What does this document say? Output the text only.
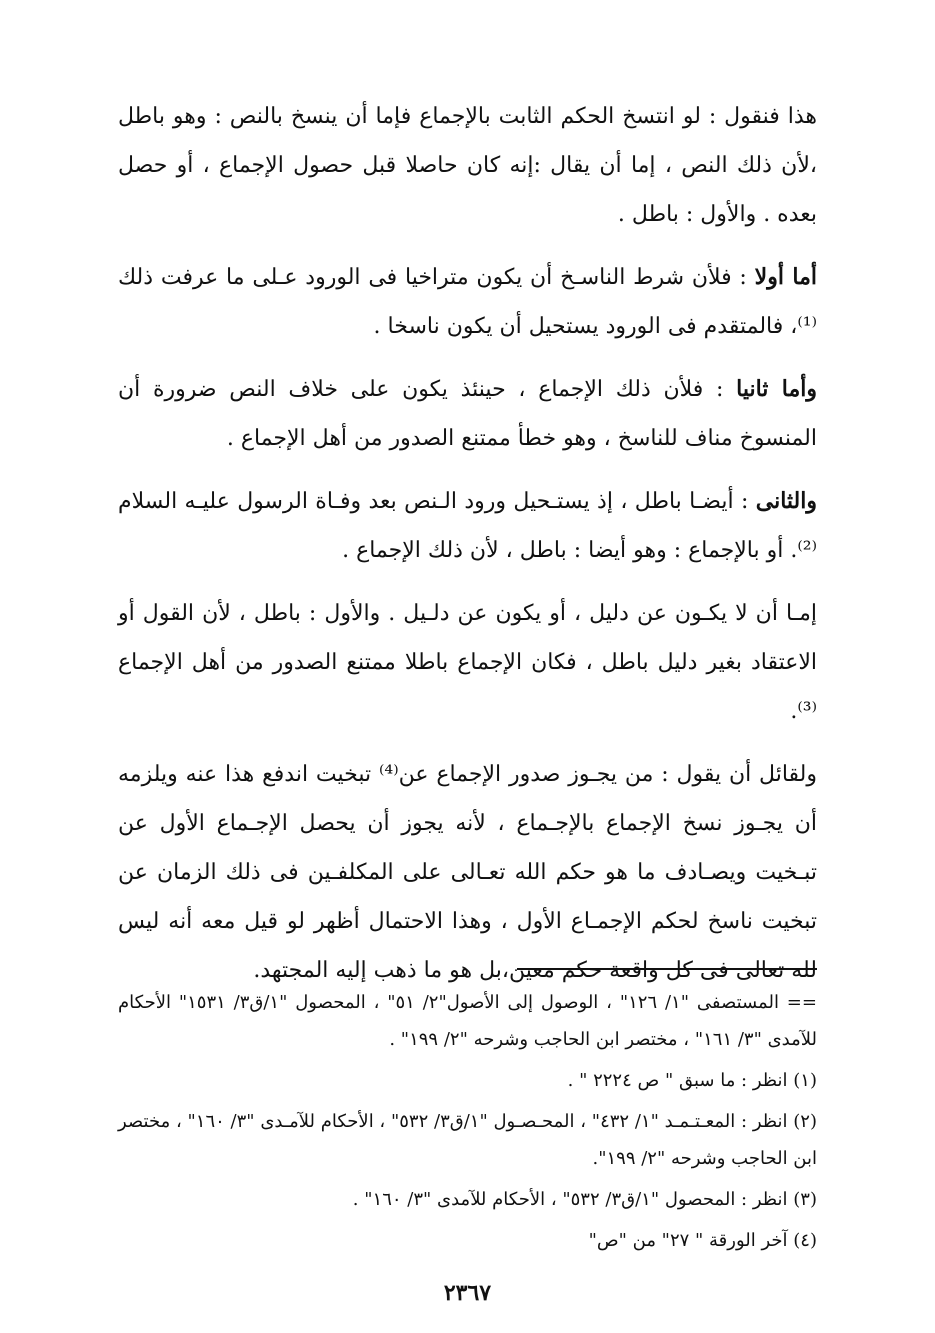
هذا فنقول : لو انتسخ الحكم الثابت بالإجماع فإما أن ينسخ بالنص : وهو باطل ،لأن ذلك النص ، إما أن يقال :إنه كان حاصلا قبل حصول الإجماع ، أو حصل بعده . والأول : باطل .

أما أولا : فلأن شرط الناسـخ أن يكون متراخيا فى الورود عـلى ما عرفت ذلك ⁽¹⁾، فالمتقدم فى الورود يستحيل أن يكون ناسخا .

وأما ثانيا : فلأن ذلك الإجماع ، حينئذ يكون على خلاف النص ضرورة أن المنسوخ مناف للناسخ ، وهو خطأ ممتنع الصدور من أهل الإجماع .

والثانى : أيضـا باطل ، إذ يستـحيل ورود الـنص بعد وفـاة الرسول عليـه السلام ⁽²⁾. أو بالإجماع : وهو أيضا : باطل ، لأن ذلك الإجماع .

إمـا أن لا يكـون عن دليل ، أو يكون عن دلـيل . والأول : باطل ، لأن القول أو الاعتقاد بغير دليل باطل ، فكان الإجماع باطلا ممتنع الصدور من أهل الإجماع ⁽³⁾.

ولقائل أن يقول : من يجـوز صدور الإجماع عن⁽⁴⁾ تبخيت اندفع هذا عنه ويلزمه أن يجـوز نسخ الإجماع بالإجـماع ، لأنه يجوز أن يحصل الإجـماع الأول عن تبـخيت ويصـادف ما هو حكم الله تعـالى على المكلفـين فى ذلك الزمان عن تبخيت ناسخ لحكم الإجمـاع الأول ، وهذا الاحتمال أظهر لو قيل معه أنه ليس لله تعالى فى كل واقعة حكم معين،بل هو ما ذهب إليه المجتهد.

== المستصفى "١/ ١٢٦" ، الوصول إلى الأصول"٢/ ٥١" ، المحصول "١/ق٣/ ١٥٣١" الأحكام للآمدى "٣/ ١٦١" ، مختصر ابن الحاجب وشرحه "٢/ ١٩٩" .

(١) انظر : ما سبق " ص ٢٢٢٤ " .

(٢) انظر : المعـتـمـد "١/ ٤٣٢" ، المحـصـول "١/ق٣/ ٥٣٢" ، الأحكام للآمـدى "٣/ ١٦٠" ، مختصر ابن الحاجب وشرحه "٢/ ١٩٩".

(٣) انظر : المحصول "١/ق٣/ ٥٣٢" ، الأحكام للآمدى "٣/ ١٦٠" .

(٤) آخر الورقة " ٢٧" من "ص"

٢٣٦٧
